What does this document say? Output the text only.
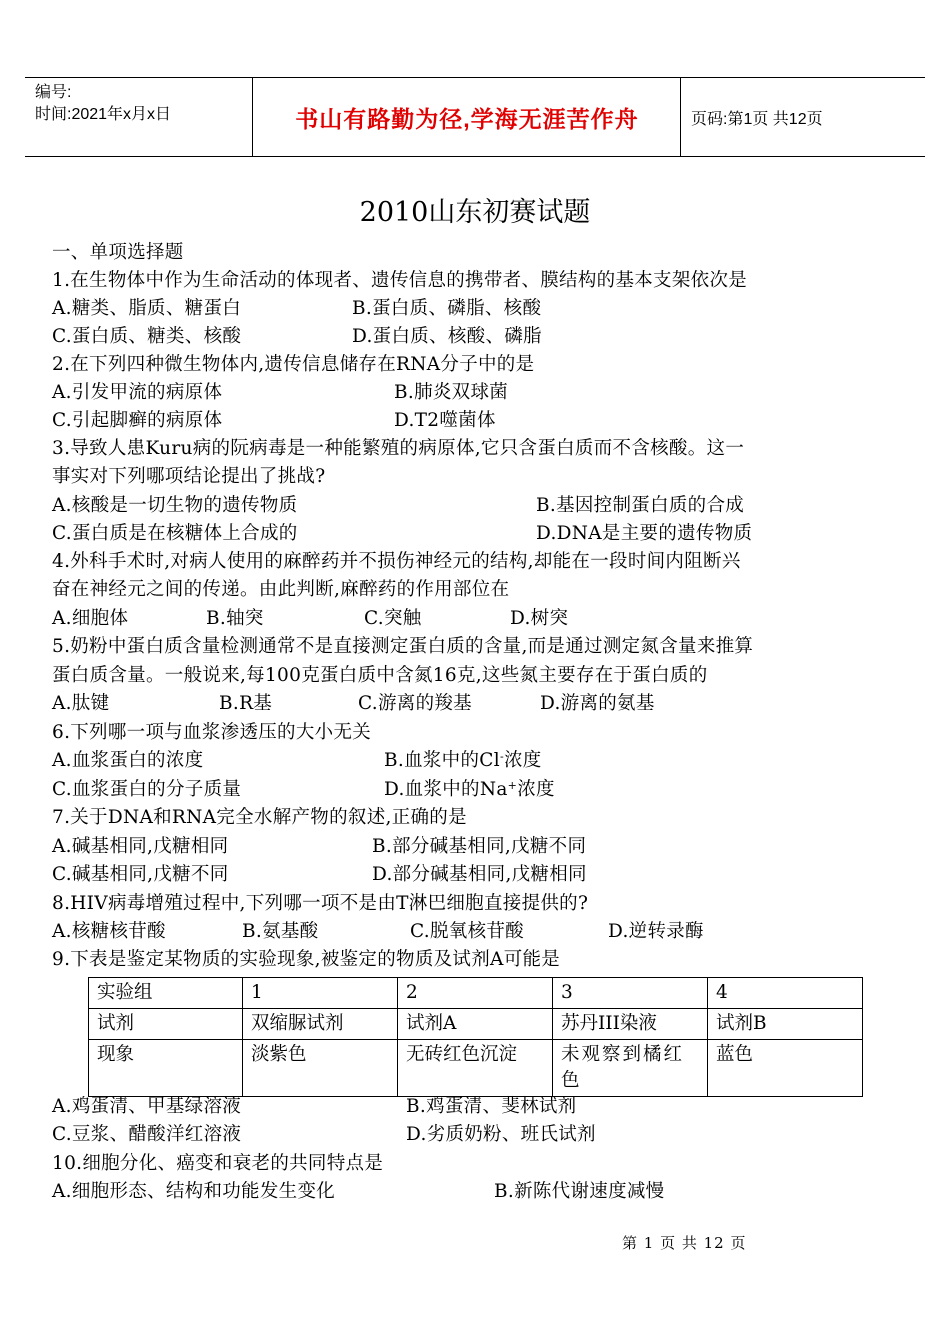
编号:
时间:2021年x月x日	书山有路勤为径,学海无涯苦作舟	页码:第1页 共12页
2010山东初赛试题
一、单项选择题
1.在生物体中作为生命活动的体现者、遗传信息的携带者、膜结构的基本支架依次是
A.糖类、脂质、糖蛋白	B.蛋白质、磷脂、核酸
C.蛋白质、糖类、核酸	D.蛋白质、核酸、磷脂
2.在下列四种微生物体内,遗传信息储存在RNA分子中的是
A.引发甲流的病原体	B.肺炎双球菌
C.引起脚癣的病原体	D.T2噬菌体
3.导致人患Kuru病的阮病毒是一种能繁殖的病原体,它只含蛋白质而不含核酸。这一
事实对下列哪项结论提出了挑战?
A.核酸是一切生物的遗传物质	B.基因控制蛋白质的合成
C.蛋白质是在核糖体上合成的	D.DNA是主要的遗传物质
4.外科手术时,对病人使用的麻醉药并不损伤神经元的结构,却能在一段时间内阻断兴
奋在神经元之间的传递。由此判断,麻醉药的作用部位在
A.细胞体	B.轴突	C.突触	D.树突
5.奶粉中蛋白质含量检测通常不是直接测定蛋白质的含量,而是通过测定氮含量来推算
蛋白质含量。一般说来,每100克蛋白质中含氮16克,这些氮主要存在于蛋白质的
A.肽键	B.R基	C.游离的羧基	D.游离的氨基
6.下列哪一项与血浆渗透压的大小无关
A.血浆蛋白的浓度	B.血浆中的Cl-浓度
C.血浆蛋白的分子质量	D.血浆中的Na+浓度
7.关于DNA和RNA完全水解产物的叙述,正确的是
A.碱基相同,戊糖相同	B.部分碱基相同,戊糖不同
C.碱基相同,戊糖不同	D.部分碱基相同,戊糖相同
8.HIV病毒增殖过程中,下列哪一项不是由T淋巴细胞直接提供的?
A.核糖核苷酸	B.氨基酸	C.脱氧核苷酸	D.逆转录酶
9.下表是鉴定某物质的实验现象,被鉴定的物质及试剂A可能是
实验组	1	2	3	4
试剂	双缩脲试剂	试剂A	苏丹III染液	试剂B
现象	淡紫色	无砖红色沉淀	未观察到橘红色	蓝色
A.鸡蛋清、甲基绿溶液	B.鸡蛋清、斐林试剂
C.豆浆、醋酸洋红溶液	D.劣质奶粉、班氏试剂
10.细胞分化、癌变和衰老的共同特点是
A.细胞形态、结构和功能发生变化	B.新陈代谢速度减慢
第 1 页 共 12 页
